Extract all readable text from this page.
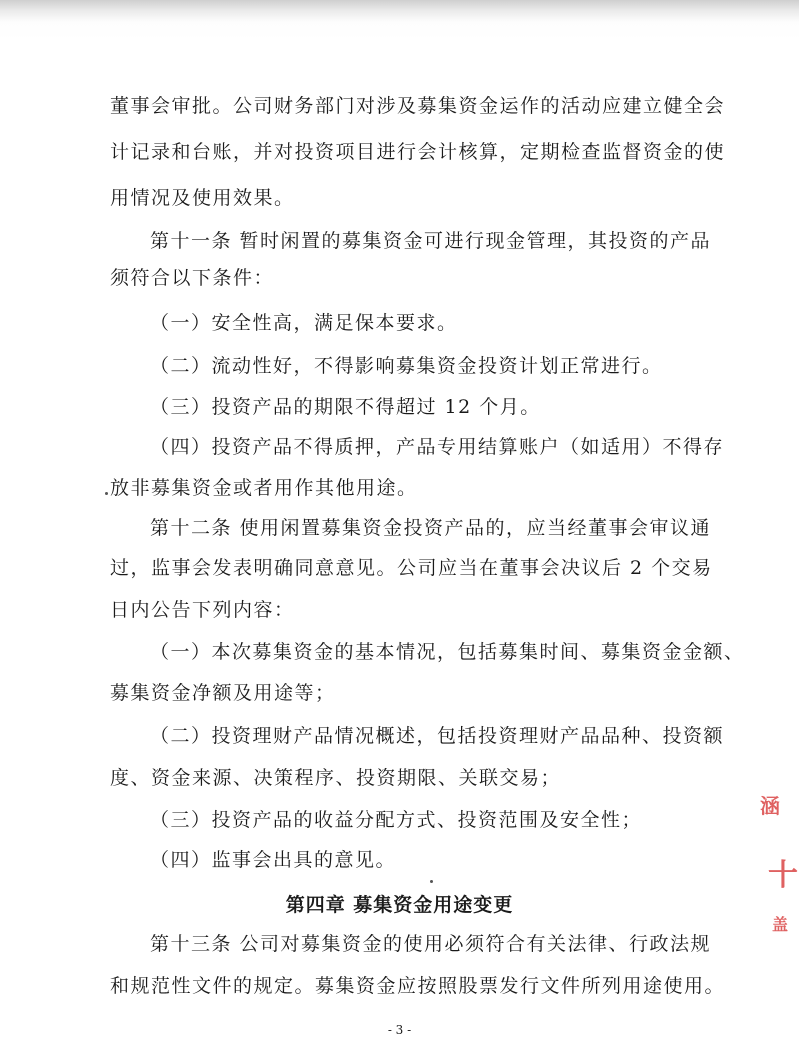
董事会审批。公司财务部门对涉及募集资金运作的活动应建立健全会
计记录和台账，并对投资项目进行会计核算，定期检查监督资金的使
用情况及使用效果。
第十一条 暂时闲置的募集资金可进行现金管理，其投资的产品
须符合以下条件：
（一）安全性高，满足保本要求。
（二）流动性好，不得影响募集资金投资计划正常进行。
（三）投资产品的期限不得超过 12 个月。
（四）投资产品不得质押，产品专用结算账户（如适用）不得存
放非募集资金或者用作其他用途。
第十二条 使用闲置募集资金投资产品的，应当经董事会审议通
过，监事会发表明确同意意见。公司应当在董事会决议后 2 个交易
日内公告下列内容：
（一）本次募集资金的基本情况，包括募集时间、募集资金金额、
募集资金净额及用途等；
（二）投资理财产品情况概述，包括投资理财产品品种、投资额
度、资金来源、决策程序、投资期限、关联交易；
（三）投资产品的收益分配方式、投资范围及安全性；
（四）监事会出具的意见。
第四章 募集资金用途变更
第十三条 公司对募集资金的使用必须符合有关法律、行政法规
和规范性文件的规定。募集资金应按照股票发行文件所列用途使用。
- 3 -
涵
十
盖
